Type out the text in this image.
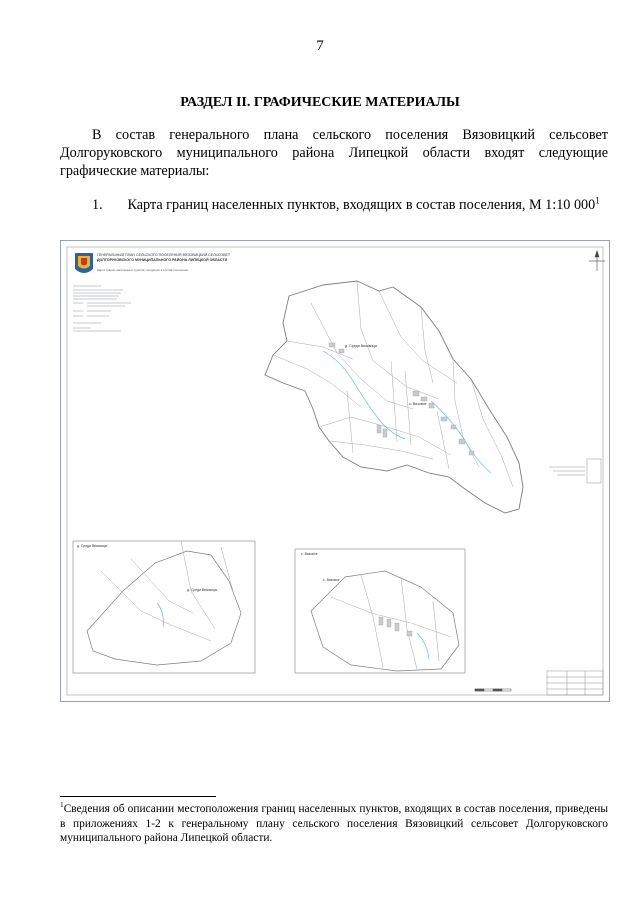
7
РАЗДЕЛ II. ГРАФИЧЕСКИЕ МАТЕРИАЛЫ
В состав генерального плана сельского поселения Вязовицкий сельсовет Долгоруковского муниципального района Липецкой области входят следующие графические материалы:
1. Карта границ населенных пунктов, входящих в состав поселения, М 1:10 $000^1$
ГЕНЕРАЛЬНЫЙ ПЛАН СЕЛЬСКОГО ПОСЕЛЕНИЯ ВЯЗОВИЦКИЙ СЕЛЬСОВЕТ
ДОЛГОРУКОВСКОГО МУНИЦИПАЛЬНОГО РАЙОНА ЛИПЕЦКОЙ ОБЛАСТИ
Карта границ населенных пунктов, входящих в состав поселения
д. Среди Вязовицы
с. Вязовое
д. Среди Вязовицы
д. Среди Вязовицы
с. Вязовое
с. Вязовое
$^1$Сведения об описании местоположения границ населенных пунктов, входящих в состав поселения, приведены в приложениях 1-2 к генеральному плану сельского поселения Вязовицкий сельсовет Долгоруковского муниципального района Липецкой области.
